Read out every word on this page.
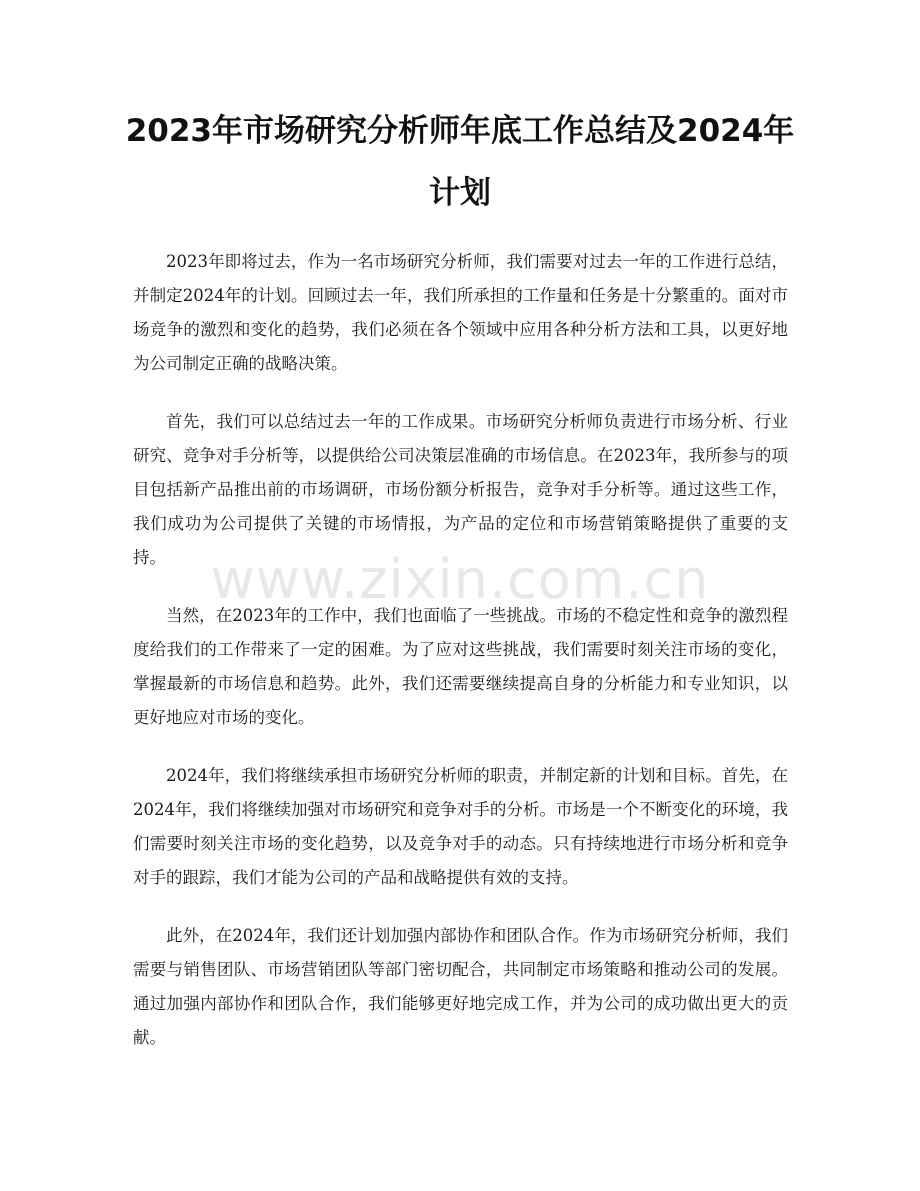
2023年市场研究分析师年底工作总结及2024年计划

2023年即将过去，作为一名市场研究分析师，我们需要对过去一年的工作进行总结，并制定2024年的计划。回顾过去一年，我们所承担的工作量和任务是十分繁重的。面对市场竞争的激烈和变化的趋势，我们必须在各个领域中应用各种分析方法和工具，以更好地为公司制定正确的战略决策。

首先，我们可以总结过去一年的工作成果。市场研究分析师负责进行市场分析、行业研究、竞争对手分析等，以提供给公司决策层准确的市场信息。在2023年，我所参与的项目包括新产品推出前的市场调研，市场份额分析报告，竞争对手分析等。通过这些工作，我们成功为公司提供了关键的市场情报，为产品的定位和市场营销策略提供了重要的支持。

当然，在2023年的工作中，我们也面临了一些挑战。市场的不稳定性和竞争的激烈程度给我们的工作带来了一定的困难。为了应对这些挑战，我们需要时刻关注市场的变化，掌握最新的市场信息和趋势。此外，我们还需要继续提高自身的分析能力和专业知识，以更好地应对市场的变化。

2024年，我们将继续承担市场研究分析师的职责，并制定新的计划和目标。首先，在2024年，我们将继续加强对市场研究和竞争对手的分析。市场是一个不断变化的环境，我们需要时刻关注市场的变化趋势，以及竞争对手的动态。只有持续地进行市场分析和竞争对手的跟踪，我们才能为公司的产品和战略提供有效的支持。

此外，在2024年，我们还计划加强内部协作和团队合作。作为市场研究分析师，我们需要与销售团队、市场营销团队等部门密切配合，共同制定市场策略和推动公司的发展。通过加强内部协作和团队合作，我们能够更好地完成工作，并为公司的成功做出更大的贡献。

www.zixin.com.cn
